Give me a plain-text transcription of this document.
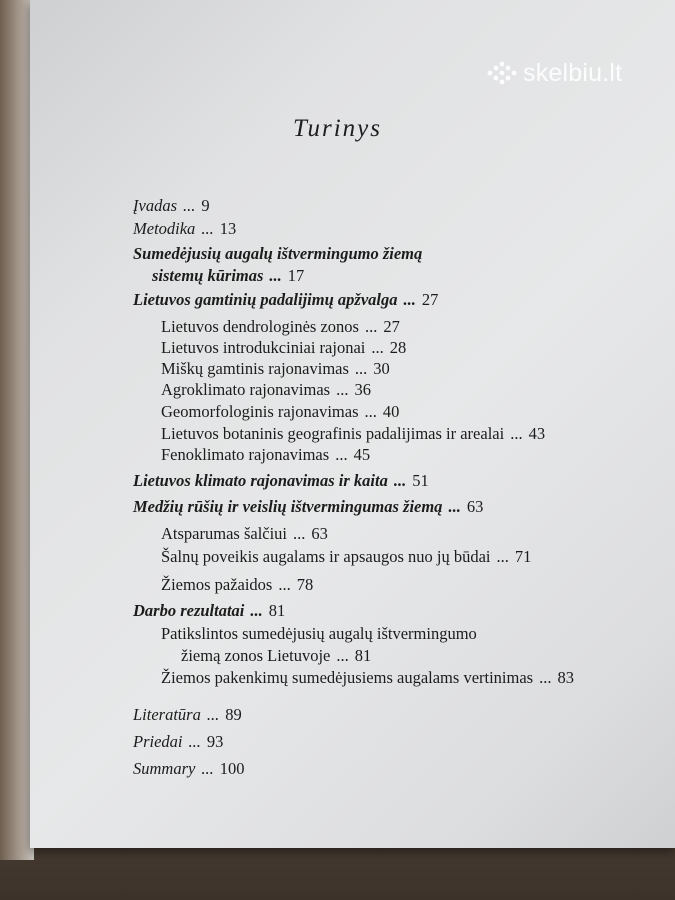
skelbiu.lt
Turinys
Įvadas ... 9
Metodika ... 13
Sumedėjusių augalų ištvermingumo žiemą
sistemų kūrimas ... 17
Lietuvos gamtinių padalijimų apžvalga ... 27
Lietuvos dendrologinės zonos ... 27
Lietuvos introdukciniai rajonai ... 28
Miškų gamtinis rajonavimas ... 30
Agroklimato rajonavimas ... 36
Geomorfologinis rajonavimas ... 40
Lietuvos botaninis geografinis padalijimas ir arealai ... 43
Fenoklimato rajonavimas ... 45
Lietuvos klimato rajonavimas ir kaita ... 51
Medžių rūšių ir veislių ištvermingumas žiemą ... 63
Atsparumas šalčiui ... 63
Šalnų poveikis augalams ir apsaugos nuo jų būdai ... 71
Žiemos pažaidos ... 78
Darbo rezultatai ... 81
Patikslintos sumedėjusių augalų ištvermingumo
žiemą zonos Lietuvoje ... 81
Žiemos pakenkimų sumedėjusiems augalams vertinimas ... 83
Literatūra ... 89
Priedai ... 93
Summary ... 100
